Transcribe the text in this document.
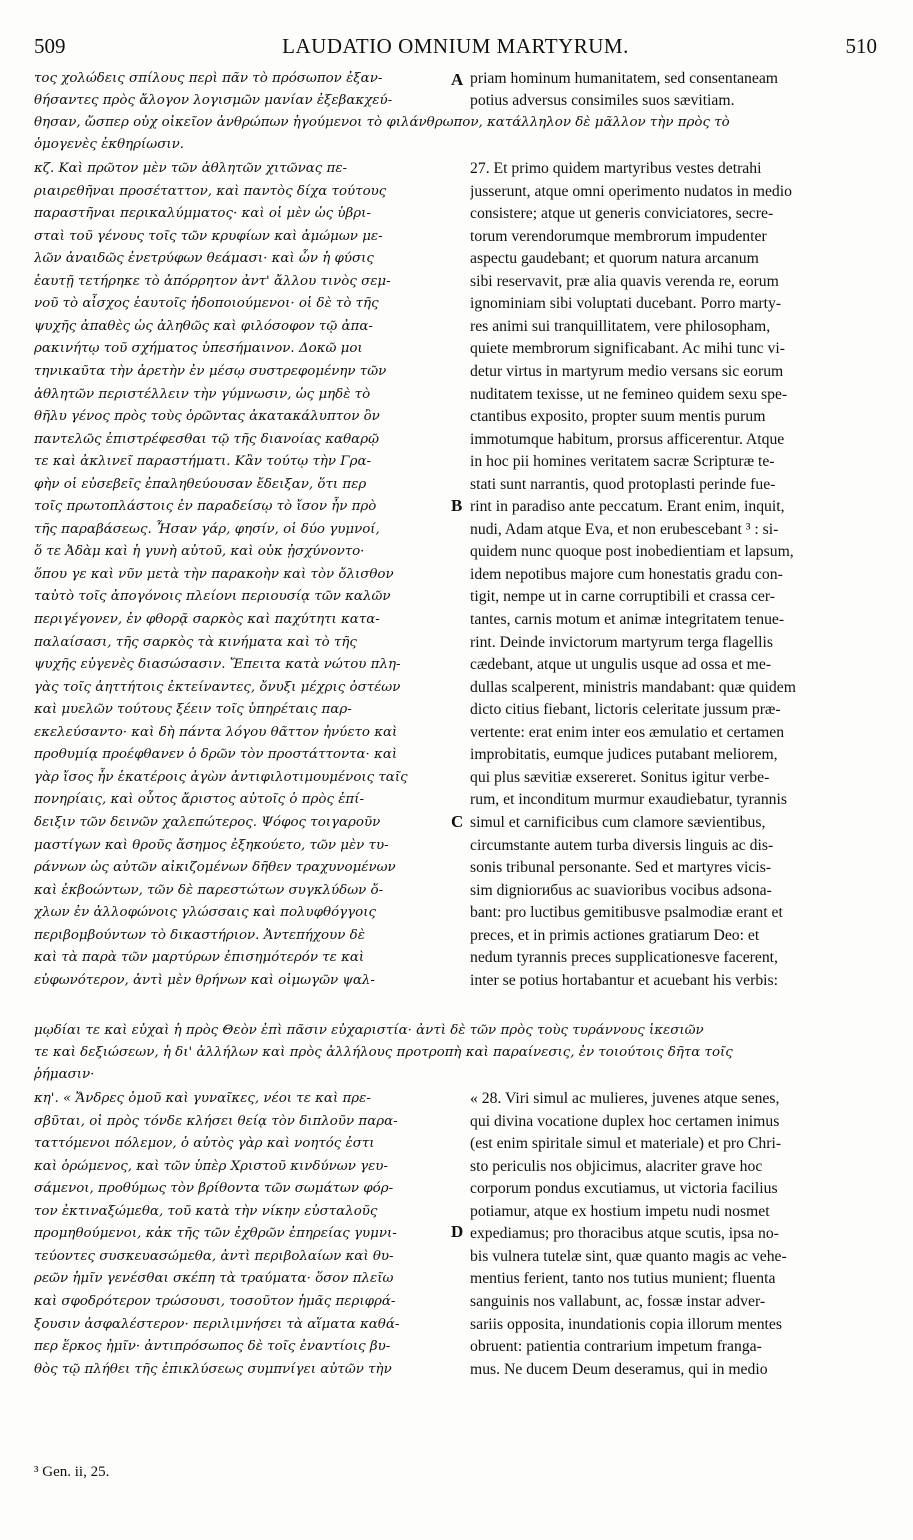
509	LAUDATIO OMNIUM MARTYRUM.	510
τος χολώδεις σπίλους περὶ πᾶν τὸ πρόσωπον ἐξαν-
θήσαντες πρὸς ἄλογον λογισμῶν μανίαν ἐξεβακχεύ-
priam hominum humanitatem, sed consentaneam
potius adversus consimiles suos sævitiam.
θησαν, ὥσπερ οὐχ οἰκεῖον ἀνθρώπων ἡγούμενοι τὸ φιλάνθρωπον, κατάλληλον δὲ μᾶλλον τὴν πρὸς τὸ
ὁμογενὲς ἐκθηρίωσιν.
κζ. Καὶ πρῶτον μὲν τῶν ἀθλητῶν χιτῶνας πε-
ριαιρεθῆναι προσέταττον, καὶ παντὸς δίχα τούτους
παραστῆναι περικαλύμματος· καὶ οἱ μὲν ὡς ὑβρι-
σταὶ τοῦ γένους τοῖς τῶν κρυφίων καὶ ἀμώμων με-
λῶν ἀναιδῶς ἐνετρύφων θεάμασι· καὶ ὧν ἡ φύσις
ἑαυτῇ τετήρηκε τὸ ἀπόρρητον ἀντ' ἄλλου τινὸς σεμ-
νοῦ τὸ αἶσχος ἑαυτοῖς ἡδοποιούμενοι· οἱ δὲ τὸ τῆς
ψυχῆς ἀπαθὲς ὡς ἀληθῶς καὶ φιλόσοφον τῷ ἀπα-
ρακινήτῳ τοῦ σχήματος ὑπεσήμαινον. Δοκῶ μοι
τηνικαῦτα τὴν ἀρετὴν ἐν μέσῳ συστρεφομένην τῶν
ἀθλητῶν περιστέλλειν τὴν γύμνωσιν, ὡς μηδὲ τὸ
θῆλυ γένος πρὸς τοὺς ὁρῶντας ἀκατακάλυπτον ὂν
παντελῶς ἐπιστρέφεσθαι τῷ τῆς διανοίας καθαρῷ
τε καὶ ἀκλινεῖ παραστήματι. Κἂν τούτῳ τὴν Γρα-
φὴν οἱ εὐσεβεῖς ἐπαληθεύουσαν ἔδειξαν, ὅτι περ
τοῖς πρωτοπλάστοις ἐν παραδείσῳ τὸ ἴσον ἦν πρὸ
τῆς παραβάσεως. Ἦσαν γάρ, φησίν, οἱ δύο γυμνοί,
ὅ τε Ἀδὰμ καὶ ἡ γυνὴ αὐτοῦ, καὶ οὐκ ᾐσχύνοντο·
ὅπου γε καὶ νῦν μετὰ τὴν παρακοὴν καὶ τὸν ὄλισθον
ταὐτὸ τοῖς ἀπογόνοις πλείονι περιουσίᾳ τῶν καλῶν
περιγέγονεν, ἐν φθορᾷ σαρκὸς καὶ παχύτητι κατα-
παλαίσασι, τῆς σαρκὸς τὰ κινήματα καὶ τὸ τῆς
ψυχῆς εὐγενὲς διασώσασιν. Ἔπειτα κατὰ νώτου πλη-
γὰς τοῖς ἀηττήτοις ἐκτείναντες, ὄνυξι μέχρις ὀστέων
καὶ μυελῶν τούτους ξέειν τοῖς ὑπηρέταις παρ-
εκελεύσαντο· καὶ δὴ πάντα λόγου θᾶττον ἠνύετο καὶ
προθυμίᾳ προέφθανεν ὁ δρῶν τὸν προστάττοντα· καὶ
γὰρ ἴσος ἦν ἑκατέροις ἀγὼν ἀντιφιλοτιμουμένοις ταῖς
πονηρίαις, καὶ οὗτος ἄριστος αὐτοῖς ὁ πρὸς ἐπί-
δειξιν τῶν δεινῶν χαλεπώτερος. Ψόφος τοιγαροῦν
μαστίγων καὶ θροῦς ἄσημος ἐξηκούετο, τῶν μὲν τυ-
ράννων ὡς αὐτῶν αἰκιζομένων δῆθεν τραχυνομένων
καὶ ἐκβοώντων, τῶν δὲ παρεστώτων συγκλύδων ὄ-
χλων ἐν ἀλλοφώνοις γλώσσαις καὶ πολυφθόγγοις
περιβομβούντων τὸ δικαστήριον. Ἀντεπήχουν δὲ
καὶ τὰ παρὰ τῶν μαρτύρων ἐπισημότερόν τε καὶ
εὐφωνότερον, ἀντὶ μὲν θρήνων καὶ οἰμωγῶν ψαλ-
27. Et primo quidem martyribus vestes detrahi
jusserunt, atque omni operimento nudatos in medio
consistere; atque ut generis conviciatores, secre-
torum verendorumque membrorum impudenter
aspectu gaudebant; et quorum natura arcanum
sibi reservavit, præ alia quavis verenda re, eorum
ignominiam sibi voluptati ducebant. Porro marty-
res animi sui tranquillitatem, vere philosopham,
quiete membrorum significabant. Ac mihi tunc vi-
detur virtus in martyrum medio versans sic eorum
nuditatem texisse, ut ne femineo quidem sexu spe-
ctantibus exposito, propter suum mentis purum
immotumque habitum, prorsus afficerentur. Atque
in hoc pii homines veritatem sacræ Scripturæ te-
stati sunt narrantis, quod protoplasti perinde fue-
rint in paradiso ante peccatum. Erant enim, inquit,
nudi, Adam atque Eva, et non erubescebant ³ : si-
quidem nunc quoque post inobedientiam et lapsum,
idem nepotibus majore cum honestatis gradu con-
tigit, nempe ut in carne corruptibili et crassa cer-
tantes, carnis motum et animæ integritatem tenue-
rint. Deinde invictorum martyrum terga flagellis
cædebant, atque ut ungulis usque ad ossa et me-
dullas scalperent, ministris mandabant: quæ quidem
dicto citius fiebant, lictoris celeritate jussum præ-
vertente: erat enim inter eos æmulatio et certamen
improbitatis, eumque judices putabant meliorem,
qui plus sævitiæ exsereret. Sonitus igitur verbe-
rum, et inconditum murmur exaudiebatur, tyrannis
simul et carnificibus cum clamore sævientibus,
circumstante autem turba diversis linguis ac dis-
sonis tribunal personante. Sed et martyres vicis-
sim digniorибus ac suavioribus vocibus adsona-
bant: pro luctibus gemitibusve psalmodiæ erant et
preces, et in primis actiones gratiarum Deo: et
nedum tyrannis preces supplicationesve facerent,
inter se potius hortabantur et acuebant his verbis:
μῳδίαι τε καὶ εὐχαὶ ἡ πρὸς Θεὸν ἐπὶ πᾶσιν εὐχαριστία· ἀντὶ δὲ τῶν πρὸς τοὺς τυράννους ἱκεσιῶν
τε καὶ δεξιώσεων, ἡ δι' ἀλλήλων καὶ πρὸς ἀλλήλους προτροπὴ καὶ παραίνεσις, ἐν τοιούτοις δῆτα τοῖς
ῥήμασιν·
κη'. « Ἄνδρες ὁμοῦ καὶ γυναῖκες, νέοι τε καὶ πρε-
σβῦται, οἱ πρὸς τόνδε κλήσει θείᾳ τὸν διπλοῦν παρα-
ταττόμενοι πόλεμον, ὁ αὐτὸς γὰρ καὶ νοητός ἐστι
καὶ ὁρώμενος, καὶ τῶν ὑπὲρ Χριστοῦ κινδύνων γευ-
σάμενοι, προθύμως τὸν βρίθοντα τῶν σωμάτων φόρ-
τον ἐκτιναξώμεθα, τοῦ κατὰ τὴν νίκην εὐσταλοῦς
προμηθούμενοι, κἀκ τῆς τῶν ἐχθρῶν ἐπηρείας γυμνι-
τεύοντες συσκευασώμεθα, ἀντὶ περιβολαίων καὶ θυ-
ρεῶν ἡμῖν γενέσθαι σκέπη τὰ τραύματα· ὅσον πλεῖω
καὶ σφοδρότερον τρώσουσι, τοσοῦτον ἡμᾶς περιφρά-
ξουσιν ἀσφαλέστερον· περιλιμνήσει τὰ αἵματα καθά-
περ ἕρκος ἡμῖν· ἀντιπρόσωπος δὲ τοῖς ἐναντίοις βυ-
θὸς τῷ πλήθει τῆς ἐπικλύσεως συμπνίγει αὐτῶν τὴν
« 28. Viri simul ac mulieres, juvenes atque senes,
qui divina vocatione duplex hoc certamen inimus
(est enim spiritale simul et materiale) et pro Chri-
sto periculis nos objicimus, alacriter grave hoc
corporum pondus excutiamus, ut victoria facilius
potiamur, atque ex hostium impetu nudi nosmet
expediamus; pro thoracibus atque scutis, ipsa no-
bis vulnera tutelæ sint, quæ quanto magis ac vehe-
mentius ferient, tanto nos tutius munient; fluenta
sanguinis nos vallabunt, ac, fossæ instar adver-
sariis opposita, inundationis copia illorum mentes
obruent: patientia contrarium impetum franga-
mus. Ne ducem Deum deseramus, qui in medio
A
B
C
D
³ Gen. ii, 25.
